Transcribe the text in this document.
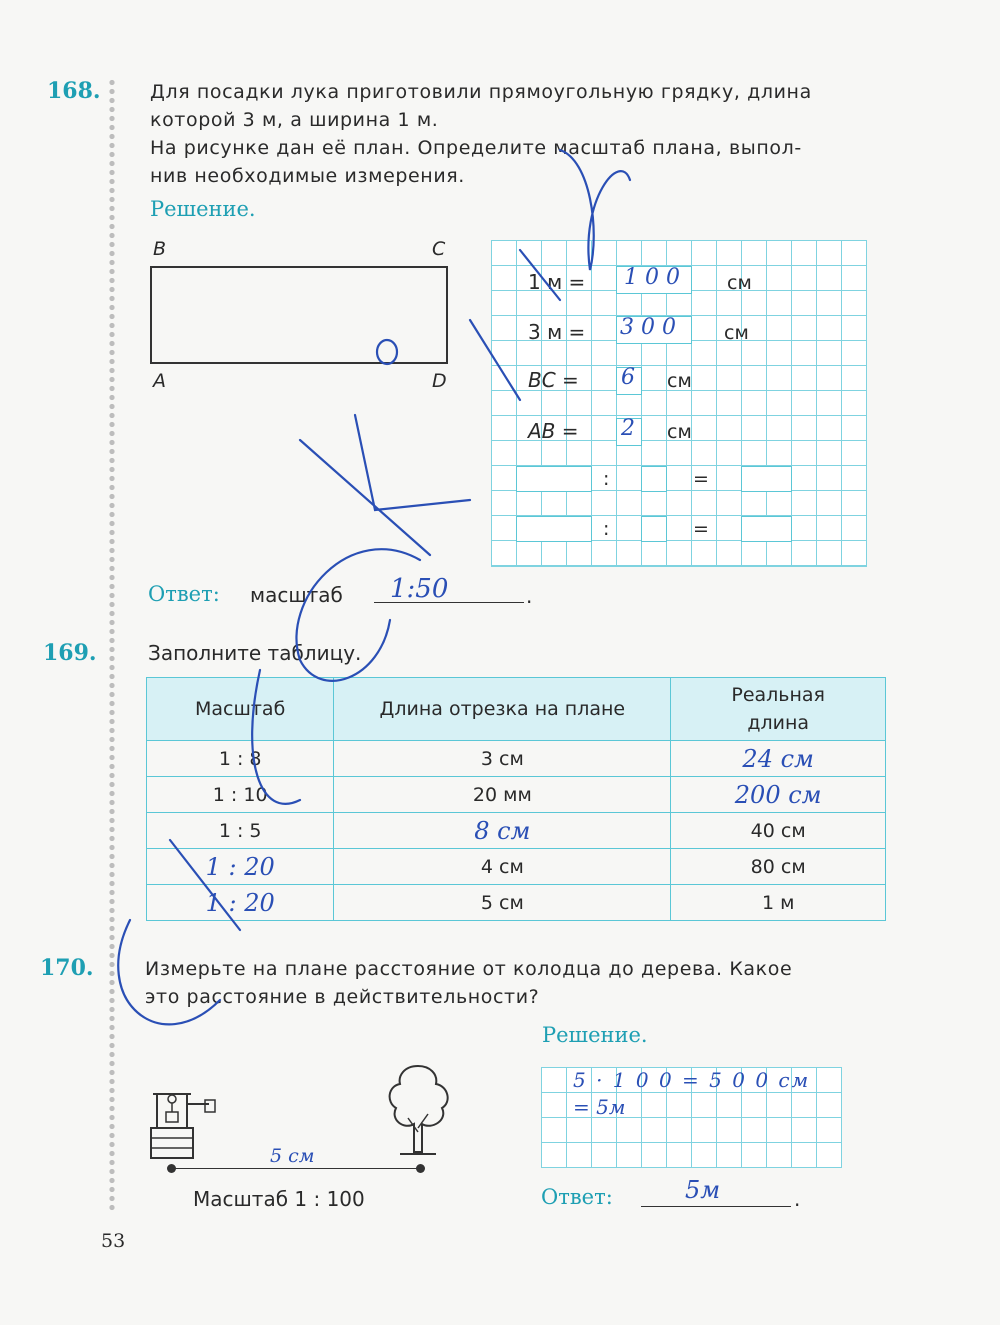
168.	Для посадки лука приготовили прямоугольную грядку, длина
которой 3 м, а ширина 1 м.
На рисунке дан её план. Определите масштаб плана, выпол-
нив необходимые измерения.
Решение.
B	C
A	D
1 м = 1 0 0 см
3 м = 3 0 0	см
BC = 6 см
AB = 2 см
:	=
:	=
Ответ: масштаб 1:50	.
169.	Заполните таблицу.
Масштаб	Длина отрезка на плане	Реальная длина
1 : 8	3 см	24 см
1 : 10	20 мм	200 см
1 : 5	8 см	40 см
1 : 20	4 см	80 см
1 : 20	5 см	1 м
170.	Измерьте на плане расстояние от колодца до дерева. Какое
это расстояние в действительности?
Решение.
5 · 1 0 0 = 5 0 0 см
= 5м
5 см
Масштаб 1 : 100	Ответ:	5м	.
53
